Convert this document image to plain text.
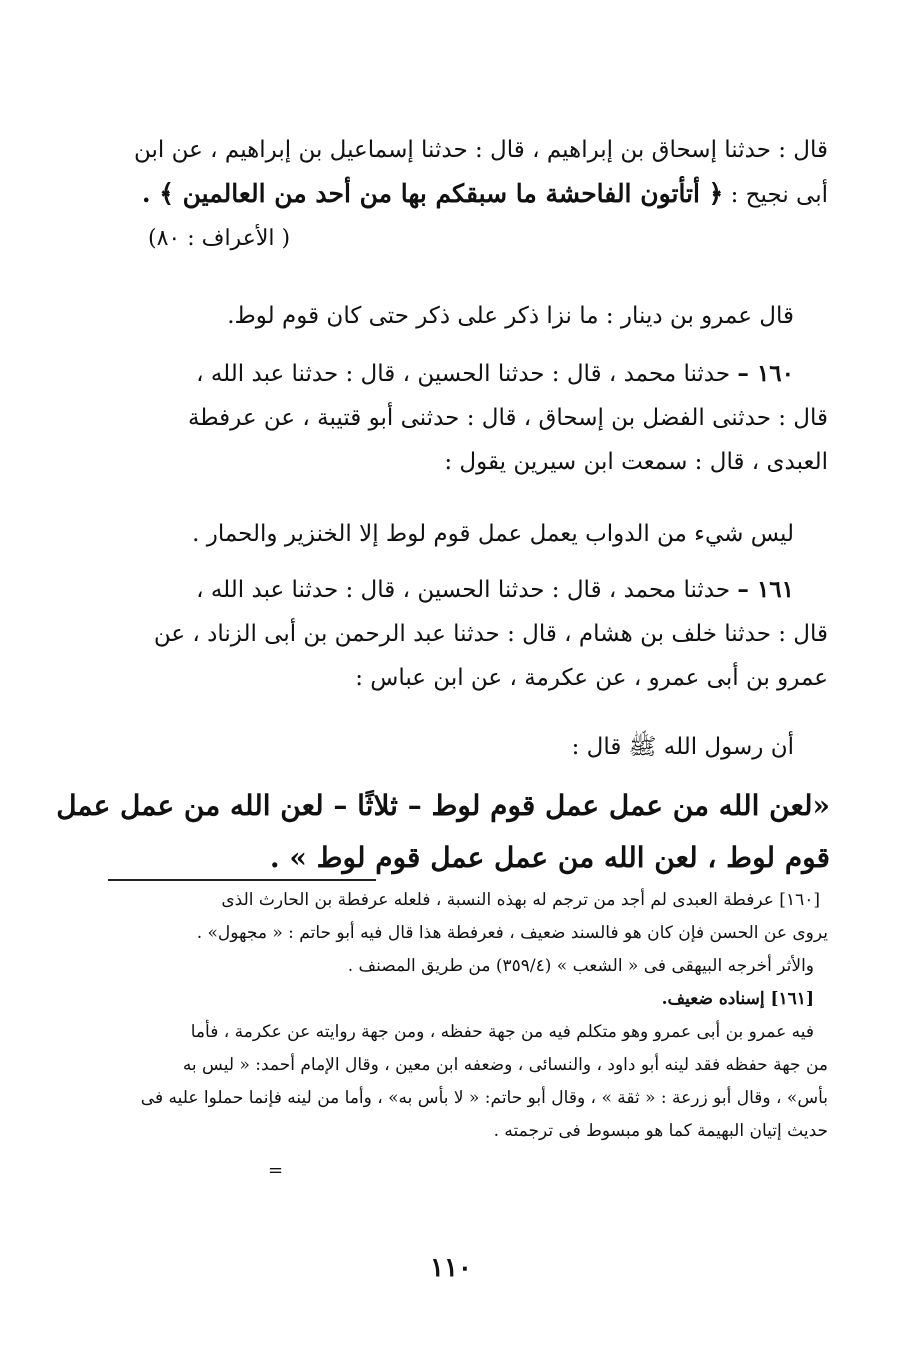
قال : حدثنا إسحاق بن إبراهيم ، قال : حدثنا إسماعيل بن إبراهيم ، عن ابن
أبى نجيح : ﴿ أتأتون الفاحشة ما سبقكم بها من أحد من العالمين ﴾ .
( الأعراف : ٨٠)
قال عمرو بن دينار : ما نزا ذكر على ذكر حتى كان قوم لوط.
١٦٠ – حدثنا محمد ، قال : حدثنا الحسين ، قال : حدثنا عبد الله ،
قال : حدثنى الفضل بن إسحاق ، قال : حدثنى أبو قتيبة ، عن عرفطة
العبدى ، قال : سمعت ابن سيرين يقول :
ليس شيء من الدواب يعمل عمل قوم لوط إلا الخنزير والحمار .
١٦١ – حدثنا محمد ، قال : حدثنا الحسين ، قال : حدثنا عبد الله ،
قال : حدثنا خلف بن هشام ، قال : حدثنا عبد الرحمن بن أبى الزناد ، عن
عمرو بن أبى عمرو ، عن عكرمة ، عن ابن عباس :
أن رسول الله ﷺ قال :
«لعن الله من عمل عمل قوم لوط – ثلاثًا – لعن الله من عمل عمل
قوم لوط ، لعن الله من عمل عمل قوم لوط » .
[١٦٠] عرفطة العبدى لم أجد من ترجم له بهذه النسبة ، فلعله عرفطة بن الحارث الذى
يروى عن الحسن فإن كان هو فالسند ضعيف ، فعرفطة هذا قال فيه أبو حاتم : « مجهول» .
والأثر أخرجه البيهقى فى « الشعب » (٣٥٩/٤) من طريق المصنف .
[١٦١] إسناده ضعيف.
فيه عمرو بن أبى عمرو وهو متكلم فيه من جهة حفظه ، ومن جهة روايته عن عكرمة ، فأما
من جهة حفظه فقد لينه أبو داود ، والنسائى ، وضعفه ابن معين ، وقال الإمام أحمد: « ليس به
بأس» ، وقال أبو زرعة : « ثقة » ، وقال أبو حاتم: « لا بأس به» ، وأما من لينه فإنما حملوا عليه فى
حديث إتيان البهيمة كما هو مبسوط فى ترجمته .
=
١١٠
